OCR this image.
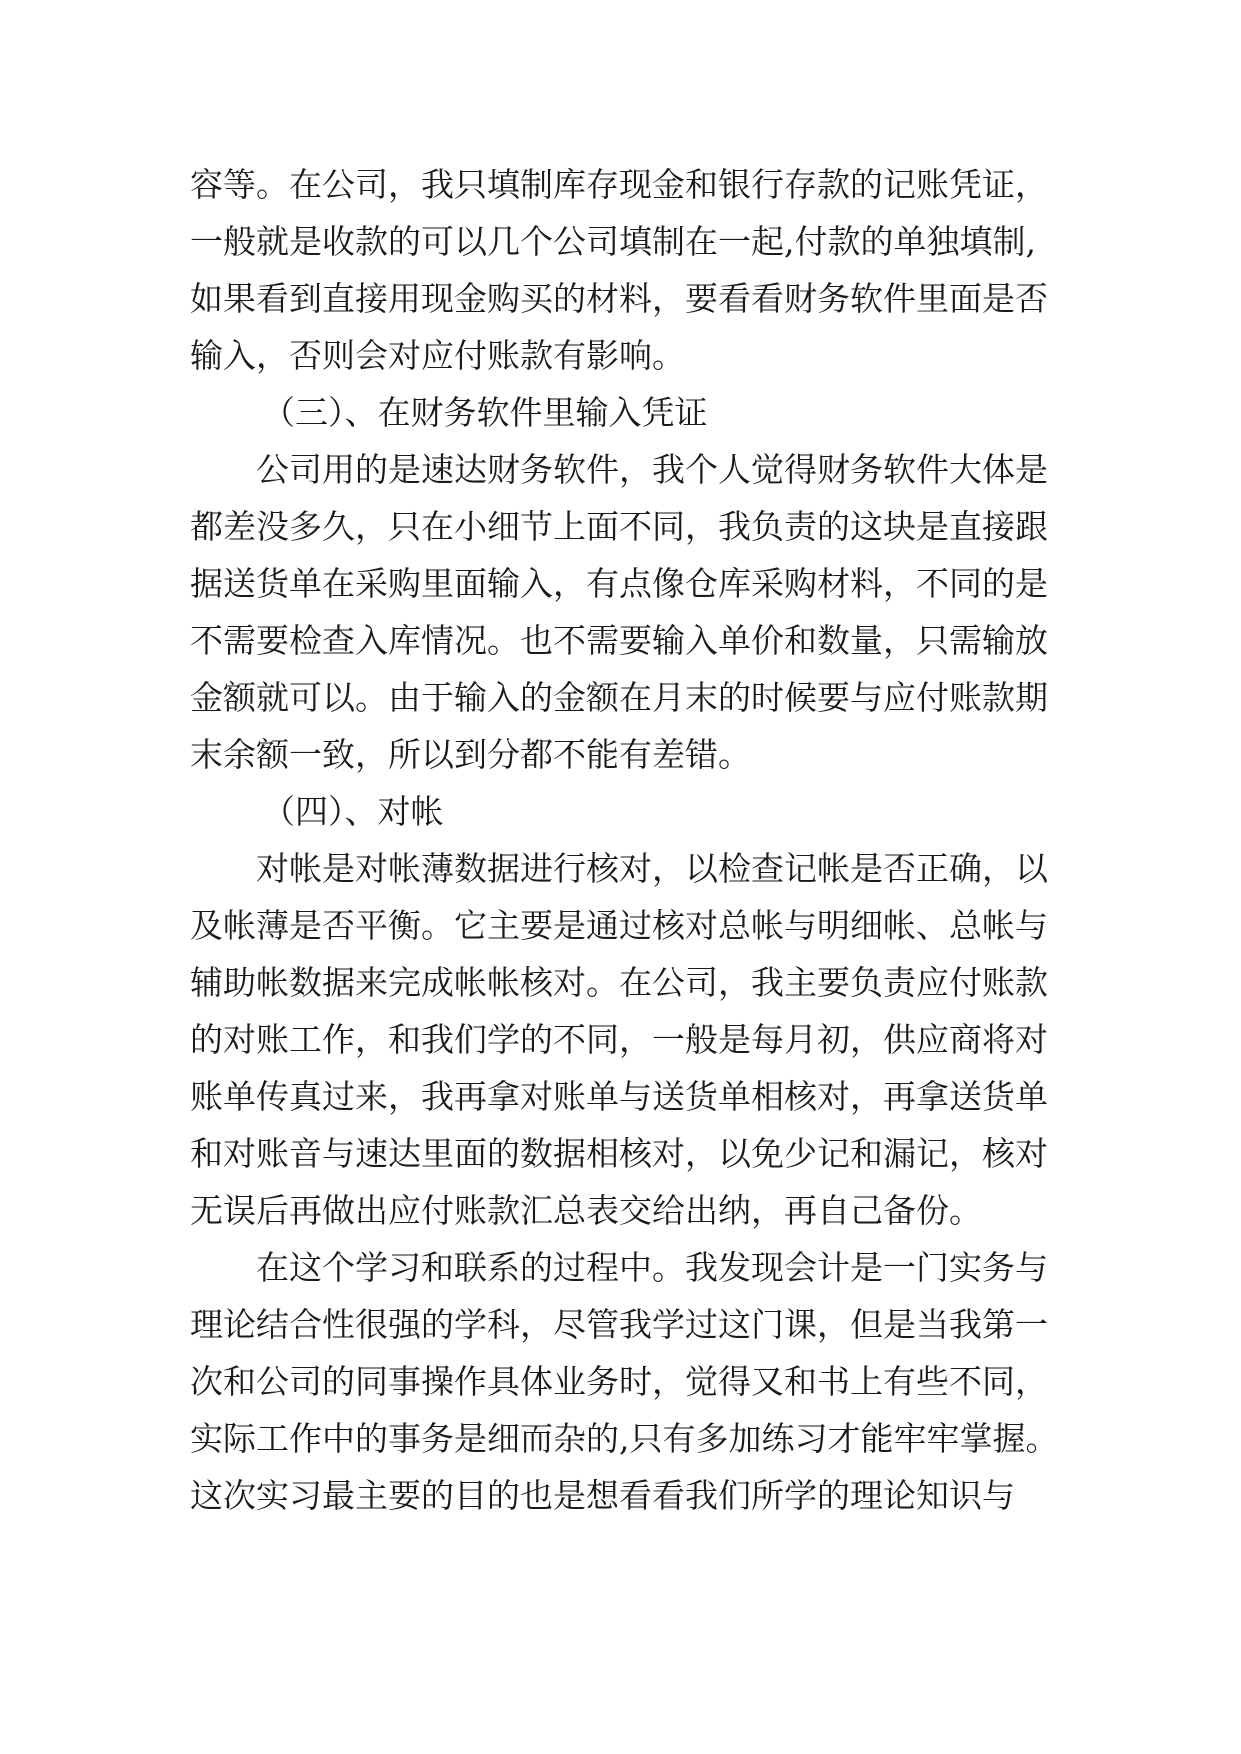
容等。在公司，我只填制库存现金和银行存款的记账凭证，
一般就是收款的可以几个公司填制在一起,付款的单独填制,
如果看到直接用现金购买的材料，要看看财务软件里面是否
输入，否则会对应付账款有影响。
（三）、在财务软件里输入凭证
公司用的是速达财务软件，我个人觉得财务软件大体是
都差没多久，只在小细节上面不同，我负责的这块是直接跟
据送货单在采购里面输入，有点像仓库采购材料，不同的是
不需要检查入库情况。也不需要输入单价和数量，只需输放
金额就可以。由于输入的金额在月末的时候要与应付账款期
末余额一致，所以到分都不能有差错。
（四）、对帐
对帐是对帐薄数据进行核对，以检查记帐是否正确，以
及帐薄是否平衡。它主要是通过核对总帐与明细帐、总帐与
辅助帐数据来完成帐帐核对。在公司，我主要负责应付账款
的对账工作，和我们学的不同，一般是每月初，供应商将对
账单传真过来，我再拿对账单与送货单相核对，再拿送货单
和对账音与速达里面的数据相核对，以免少记和漏记，核对
无误后再做出应付账款汇总表交给出纳，再自己备份。
在这个学习和联系的过程中。我发现会计是一门实务与
理论结合性很强的学科，尽管我学过这门课，但是当我第一
次和公司的同事操作具体业务时，觉得又和书上有些不同，
实际工作中的事务是细而杂的,只有多加练习才能牢牢掌握。
这次实习最主要的目的也是想看看我们所学的理论知识与
